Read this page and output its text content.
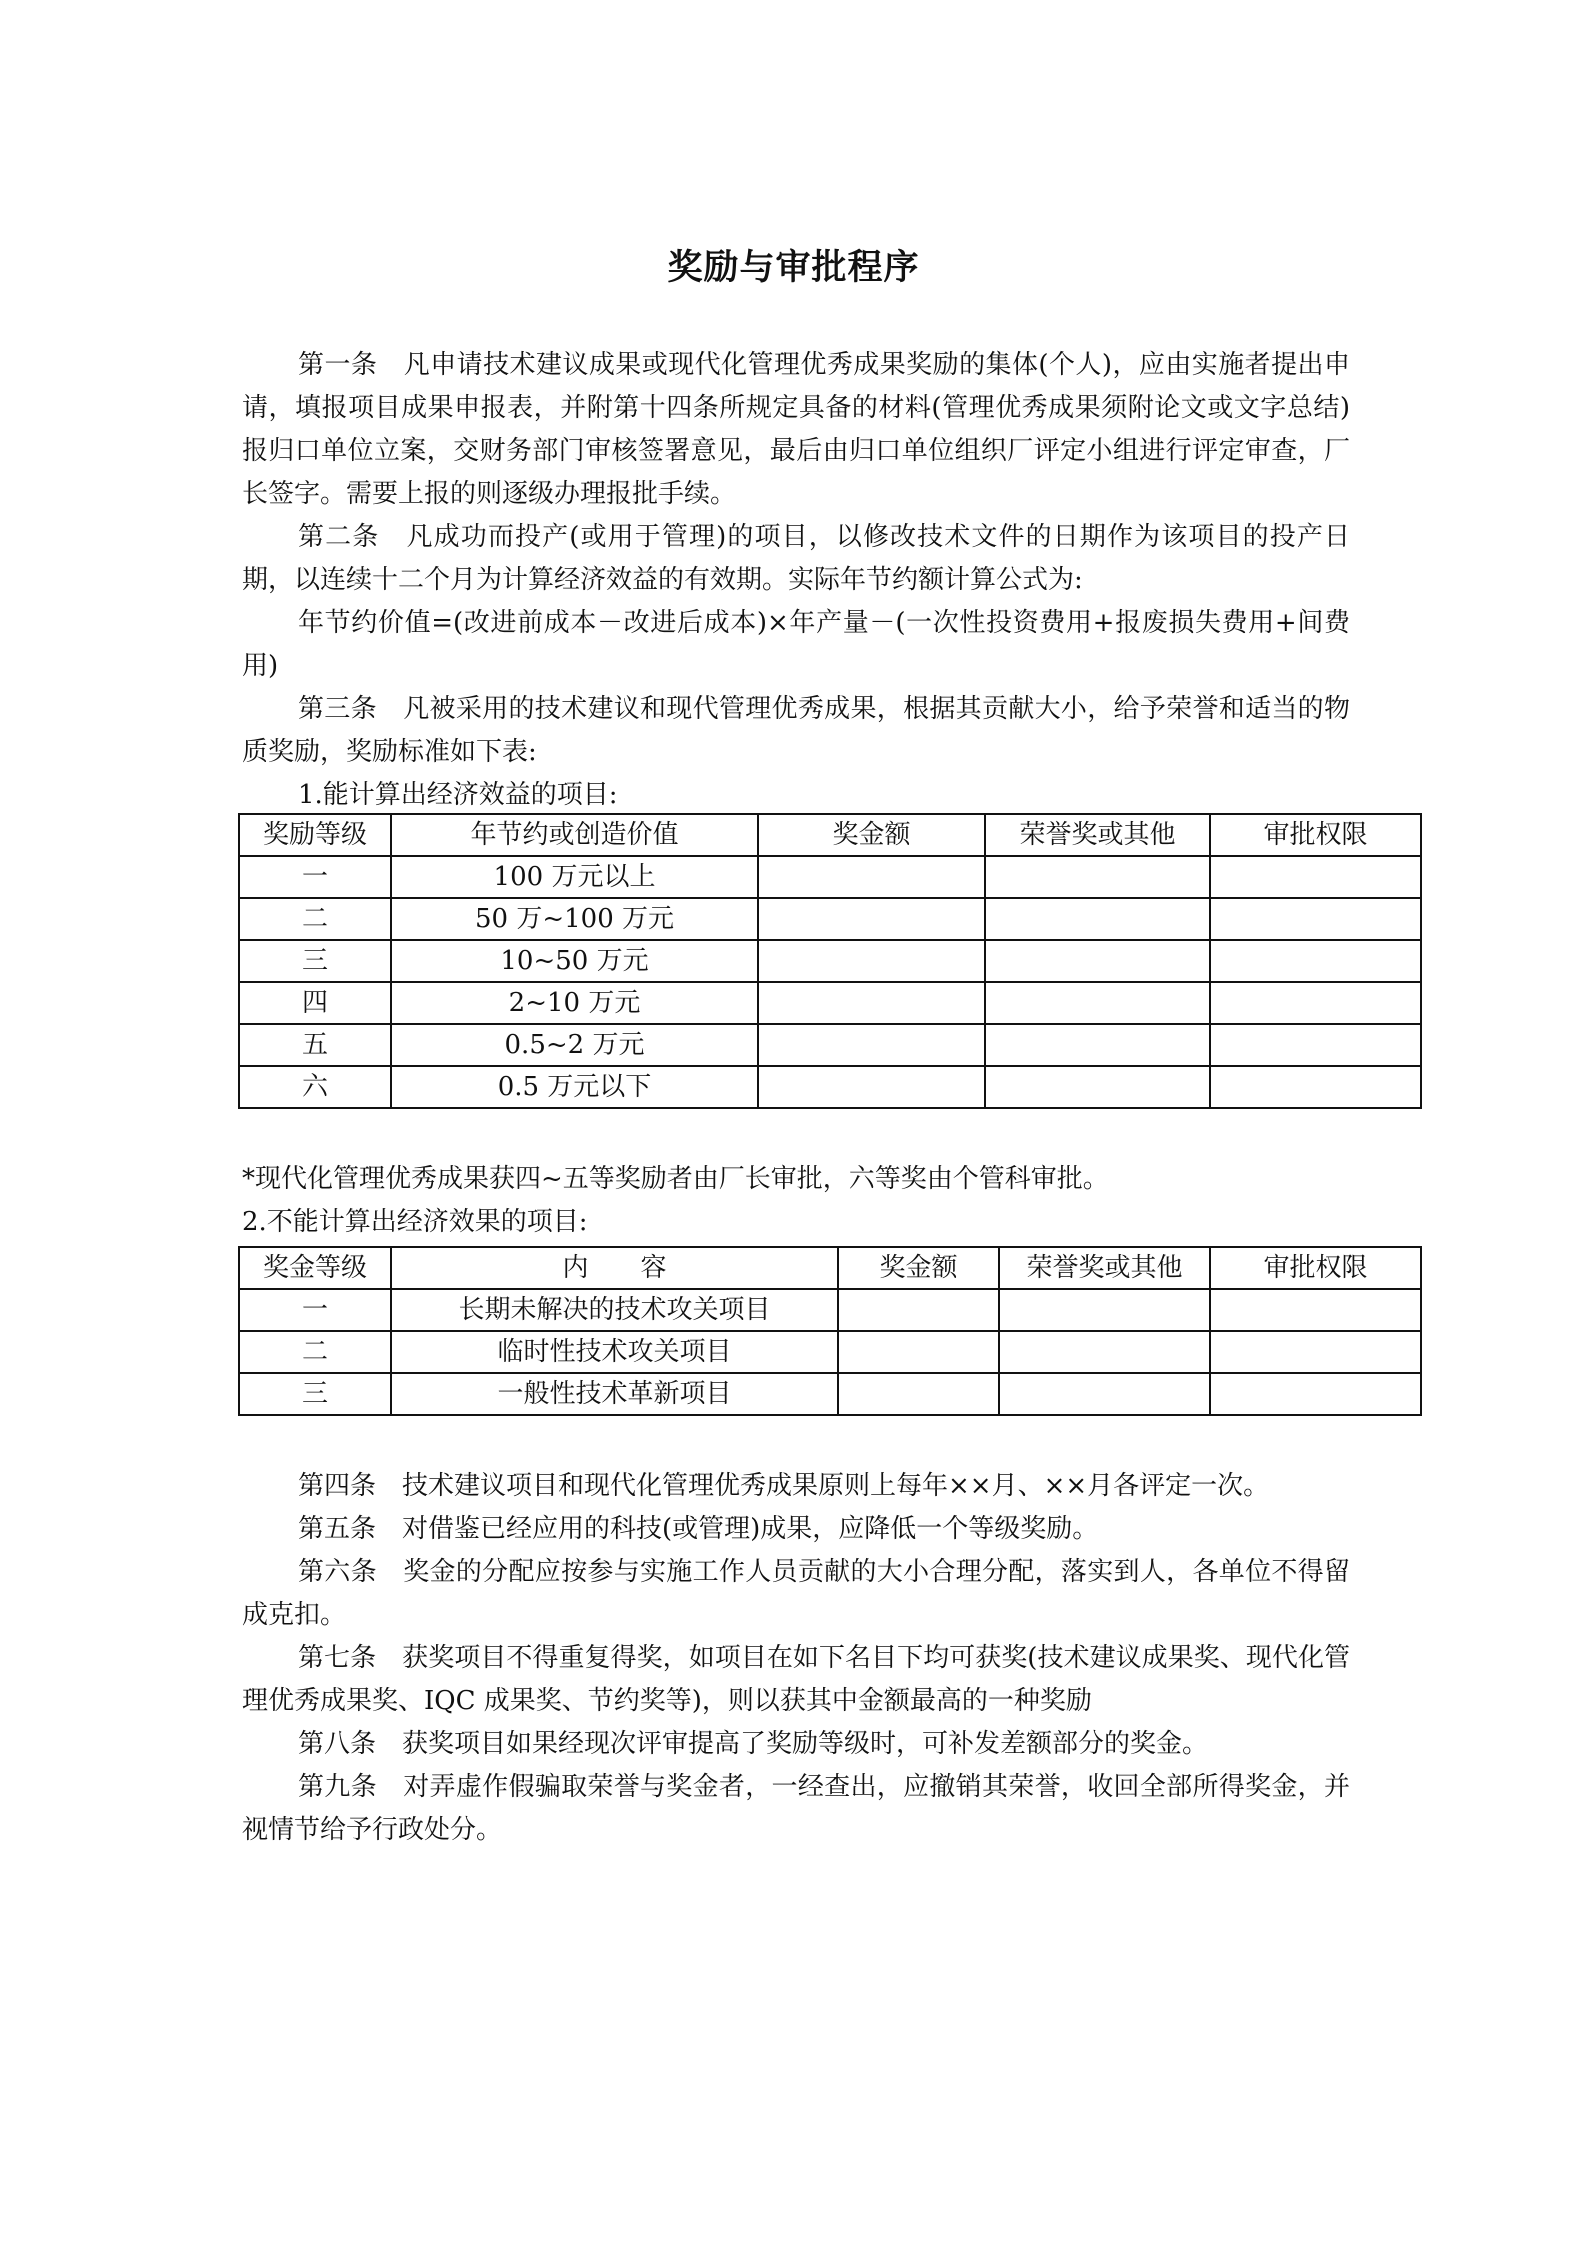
奖励与审批程序

第一条　凡申请技术建议成果或现代化管理优秀成果奖励的集体(个人)，应由实施者提出申请，填报项目成果申报表，并附第十四条所规定具备的材料(管理优秀成果须附论文或文字总结)报归口单位立案，交财务部门审核签署意见，最后由归口单位组织厂评定小组进行评定审查，厂长签字。需要上报的则逐级办理报批手续。

第二条　凡成功而投产(或用于管理)的项目，以修改技术文件的日期作为该项目的投产日期，以连续十二个月为计算经济效益的有效期。实际年节约额计算公式为:

年节约价值=(改进前成本－改进后成本)×年产量－(一次性投资费用+报废损失费用+间费用)

第三条　凡被采用的技术建议和现代管理优秀成果，根据其贡献大小，给予荣誉和适当的物质奖励，奖励标准如下表:

1.能计算出经济效益的项目:

奖励等级	年节约或创造价值	奖金额	荣誉奖或其他	审批权限
一	100 万元以上			
二	50 万~100 万元			
三	10~50 万元			
四	2~10 万元			
五	0.5~2 万元			
六	0.5 万元以下			

*现代化管理优秀成果获四~五等奖励者由厂长审批，六等奖由个管科审批。

2.不能计算出经济效果的项目:

奖金等级	内　　容	奖金额	荣誉奖或其他	审批权限
一	长期未解决的技术攻关项目			
二	临时性技术攻关项目			
三	一般性技术革新项目			

第四条　技术建议项目和现代化管理优秀成果原则上每年××月、××月各评定一次。

第五条　对借鉴已经应用的科技(或管理)成果，应降低一个等级奖励。

第六条　奖金的分配应按参与实施工作人员贡献的大小合理分配，落实到人，各单位不得留成克扣。

第七条　获奖项目不得重复得奖，如项目在如下名目下均可获奖(技术建议成果奖、现代化管理优秀成果奖、IQC 成果奖、节约奖等)，则以获其中金额最高的一种奖励

第八条　获奖项目如果经现次评审提高了奖励等级时，可补发差额部分的奖金。

第九条　对弄虚作假骗取荣誉与奖金者，一经查出，应撤销其荣誉，收回全部所得奖金，并视情节给予行政处分。
